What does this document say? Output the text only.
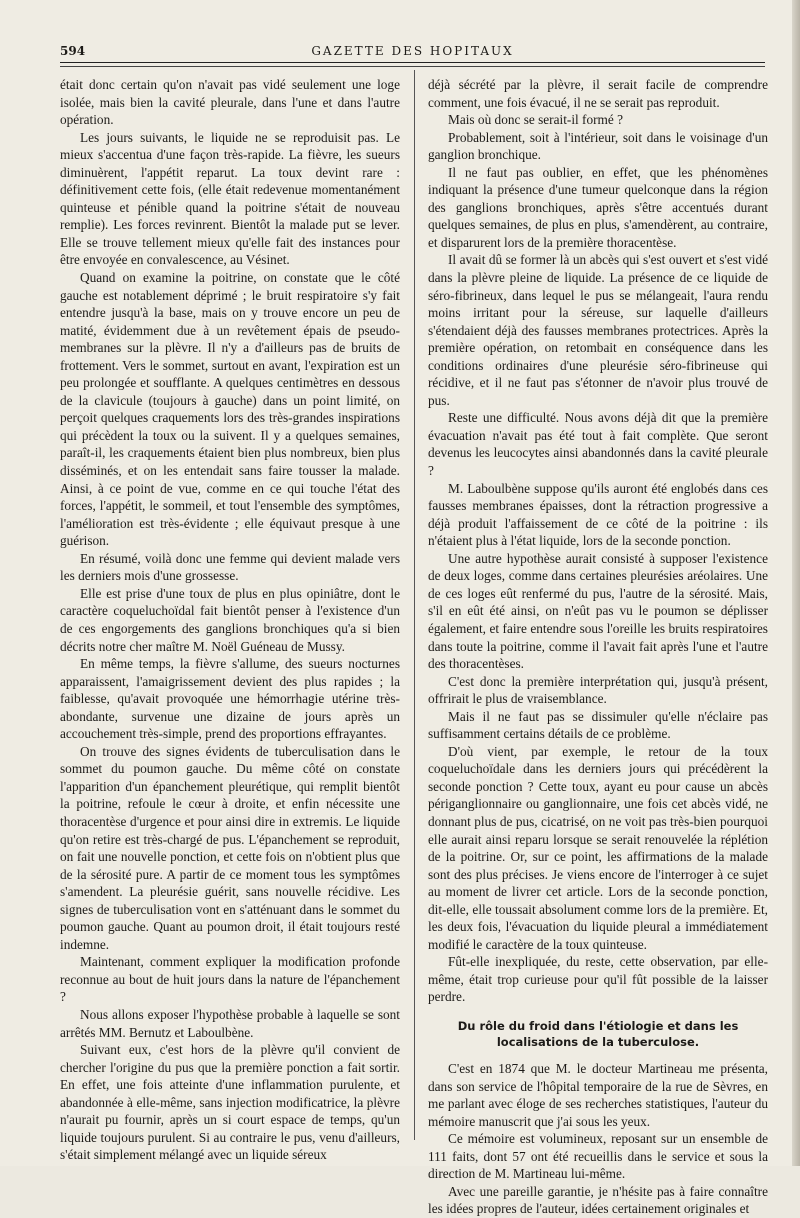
594	GAZETTE DES HOPITAUX

était donc certain qu'on n'avait pas vidé seulement une loge isolée, mais bien la cavité pleurale, dans l'une et dans l'autre opération.

Les jours suivants, le liquide ne se reproduisit pas. Le mieux s'accentua d'une façon très-rapide. La fièvre, les sueurs diminuèrent, l'appétit reparut. La toux devint rare : définitivement cette fois, (elle était redevenue momentanément quinteuse et pénible quand la poitrine s'était de nouveau remplie). Les forces revinrent. Bientôt la malade put se lever. Elle se trouve tellement mieux qu'elle fait des instances pour être envoyée en convalescence, au Vésinet.

Quand on examine la poitrine, on constate que le côté gauche est notablement déprimé ; le bruit respiratoire s'y fait entendre jusqu'à la base, mais on y trouve encore un peu de matité, évidemment due à un revêtement épais de pseudo-membranes sur la plèvre. Il n'y a d'ailleurs pas de bruits de frottement. Vers le sommet, surtout en avant, l'expiration est un peu prolongée et soufflante. A quelques centimètres en dessous de la clavicule (toujours à gauche) dans un point limité, on perçoit quelques craquements lors des très-grandes inspirations qui précèdent la toux ou la suivent. Il y a quelques semaines, paraît-il, les craquements étaient bien plus nombreux, bien plus disséminés, et on les entendait sans faire tousser la malade. Ainsi, à ce point de vue, comme en ce qui touche l'état des forces, l'appétit, le sommeil, et tout l'ensemble des symptômes, l'amélioration est très-évidente ; elle équivaut presque à une guérison.

En résumé, voilà donc une femme qui devient malade vers les derniers mois d'une grossesse.

Elle est prise d'une toux de plus en plus opiniâtre, dont le caractère coqueluchoïdal fait bientôt penser à l'existence d'un de ces engorgements des ganglions bronchiques qu'a si bien décrits notre cher maître M. Noël Guéneau de Mussy.

En même temps, la fièvre s'allume, des sueurs nocturnes apparaissent, l'amaigrissement devient des plus rapides ; la faiblesse, qu'avait provoquée une hémorrhagie utérine très-abondante, survenue une dizaine de jours après un accouchement très-simple, prend des proportions effrayantes.

On trouve des signes évidents de tuberculisation dans le sommet du poumon gauche. Du même côté on constate l'apparition d'un épanchement pleurétique, qui remplit bientôt la poitrine, refoule le cœur à droite, et enfin nécessite une thoracentèse d'urgence et pour ainsi dire in extremis. Le liquide qu'on retire est très-chargé de pus. L'épanchement se reproduit, on fait une nouvelle ponction, et cette fois on n'obtient plus que de la sérosité pure. A partir de ce moment tous les symptômes s'amendent. La pleurésie guérit, sans nouvelle récidive. Les signes de tuberculisation vont en s'atténuant dans le sommet du poumon gauche. Quant au poumon droit, il était toujours resté indemne.

Maintenant, comment expliquer la modification profonde reconnue au bout de huit jours dans la nature de l'épanchement ?

Nous allons exposer l'hypothèse probable à laquelle se sont arrêtés MM. Bernutz et Laboulbène.

Suivant eux, c'est hors de la plèvre qu'il convient de chercher l'origine du pus que la première ponction a fait sortir. En effet, une fois atteinte d'une inflammation purulente, et abandonnée à elle-même, sans injection modificatrice, la plèvre n'aurait pu fournir, après un si court espace de temps, qu'un liquide toujours purulent. Si au contraire le pus, venu d'ailleurs, s'était simplement mélangé avec un liquide séreux

déjà sécrété par la plèvre, il serait facile de comprendre comment, une fois évacué, il ne se serait pas reproduit.

Mais où donc se serait-il formé ?

Probablement, soit à l'intérieur, soit dans le voisinage d'un ganglion bronchique.

Il ne faut pas oublier, en effet, que les phénomènes indiquant la présence d'une tumeur quelconque dans la région des ganglions bronchiques, après s'être accentués durant quelques semaines, de plus en plus, s'amendèrent, au contraire, et disparurent lors de la première thoracentèse.

Il avait dû se former là un abcès qui s'est ouvert et s'est vidé dans la plèvre pleine de liquide. La présence de ce liquide de séro-fibrineux, dans lequel le pus se mélangeait, l'aura rendu moins irritant pour la séreuse, sur laquelle d'ailleurs s'étendaient déjà des fausses membranes protectrices. Après la première opération, on retombait en conséquence dans les conditions ordinaires d'une pleurésie séro-fibrineuse qui récidive, et il ne faut pas s'étonner de n'avoir plus trouvé de pus.

Reste une difficulté. Nous avons déjà dit que la première évacuation n'avait pas été tout à fait complète. Que seront devenus les leucocytes ainsi abandonnés dans la cavité pleurale ?

M. Laboulbène suppose qu'ils auront été englobés dans ces fausses membranes épaisses, dont la rétraction progressive a déjà produit l'affaissement de ce côté de la poitrine : ils n'étaient plus à l'état liquide, lors de la seconde ponction.

Une autre hypothèse aurait consisté à supposer l'existence de deux loges, comme dans certaines pleurésies aréolaires. Une de ces loges eût renfermé du pus, l'autre de la sérosité. Mais, s'il en eût été ainsi, on n'eût pas vu le poumon se déplisser également, et faire entendre sous l'oreille les bruits respiratoires dans toute la poitrine, comme il l'avait fait après l'une et l'autre des thoracentèses.

C'est donc la première interprétation qui, jusqu'à présent, offrirait le plus de vraisemblance.

Mais il ne faut pas se dissimuler qu'elle n'éclaire pas suffisamment certains détails de ce problème.

D'où vient, par exemple, le retour de la toux coqueluchoïdale dans les derniers jours qui précédèrent la seconde ponction ? Cette toux, ayant eu pour cause un abcès périganglionnaire ou ganglionnaire, une fois cet abcès vidé, ne donnant plus de pus, cicatrisé, on ne voit pas très-bien pourquoi elle aurait ainsi reparu lorsque se serait renouvelée la réplétion de la poitrine. Or, sur ce point, les affirmations de la malade sont des plus précises. Je viens encore de l'interroger à ce sujet au moment de livrer cet article. Lors de la seconde ponction, dit-elle, elle toussait absolument comme lors de la première. Et, les deux fois, l'évacuation du liquide pleural a immédiatement modifié le caractère de la toux quinteuse.

Fût-elle inexpliquée, du reste, cette observation, par elle-même, était trop curieuse pour qu'il fût possible de la laisser perdre.

Du rôle du froid dans l'étiologie et dans les
localisations de la tuberculose.

C'est en 1874 que M. le docteur Martineau me présenta, dans son service de l'hôpital temporaire de la rue de Sèvres, en me parlant avec éloge de ses recherches statistiques, l'auteur du mémoire manuscrit que j'ai sous les yeux.

Ce mémoire est volumineux, reposant sur un ensemble de 111 faits, dont 57 ont été recueillis dans le service et sous la direction de M. Martineau lui-même.

Avec une pareille garantie, je n'hésite pas à faire connaître les idées propres de l'auteur, idées certainement originales et
